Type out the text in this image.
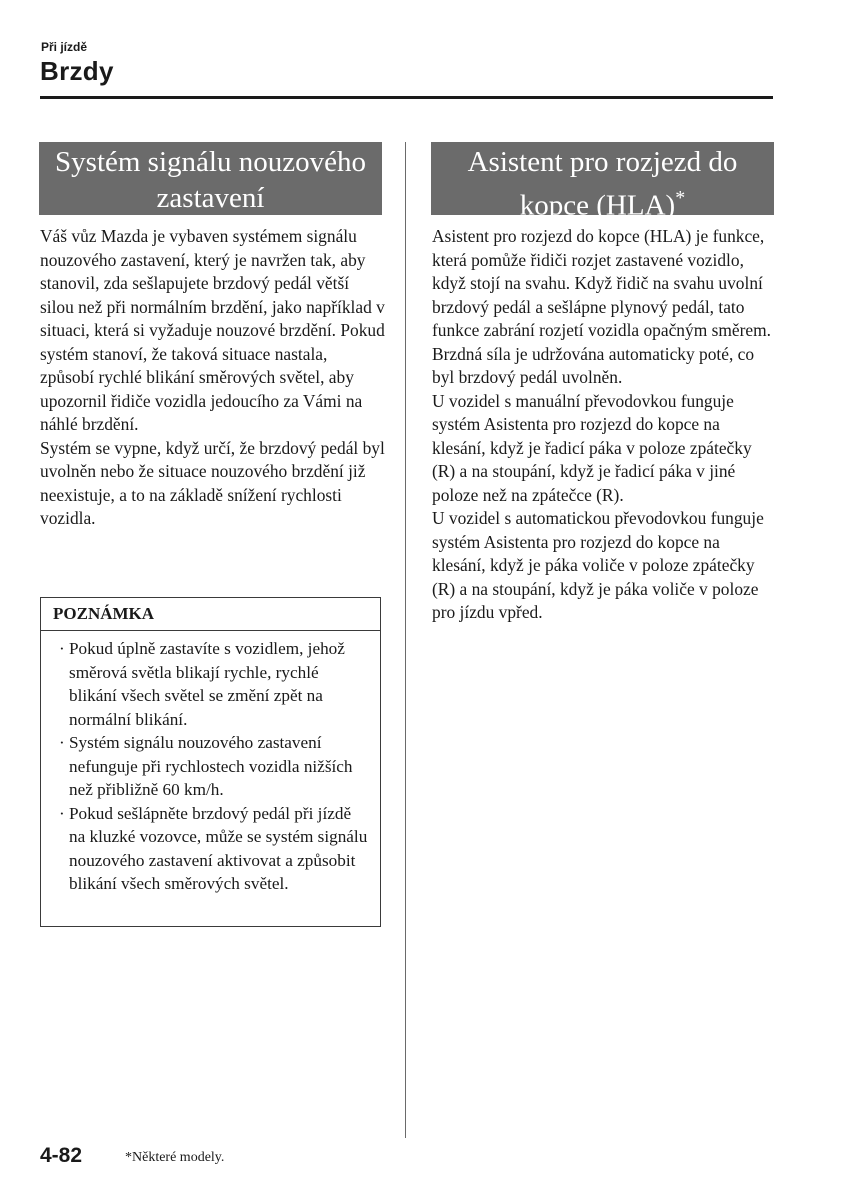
Při jízdě
Brzdy
Systém signálu nouzového
zastavení

Váš vůz Mazda je vybaven systémem signálu nouzového zastavení, který je navržen tak, aby stanovil, zda sešlapujete brzdový pedál větší silou než při normálním brzdění, jako například v situaci, která si vyžaduje nouzové brzdění. Pokud systém stanoví, že taková situace nastala, způsobí rychlé blikání směrových světel, aby upozornil řidiče vozidla jedoucího za Vámi na náhlé brzdění.

Systém se vypne, když určí, že brzdový pedál byl uvolněn nebo že situace nouzového brzdění již neexistuje, a to na základě snížení rychlosti vozidla.

POZNÁMKA
· Pokud úplně zastavíte s vozidlem, jehož směrová světla blikají rychle, rychlé blikání všech světel se změní zpět na normální blikání.
· Systém signálu nouzového zastavení nefunguje při rychlostech vozidla nižších než přibližně 60 km/h.
· Pokud sešlápněte brzdový pedál při jízdě na kluzké vozovce, může se systém signálu nouzového zastavení aktivovat a způsobit blikání všech směrových světel.
Asistent pro rozjezd do
kopce (HLA)*

Asistent pro rozjezd do kopce (HLA) je funkce, která pomůže řidiči rozjet zastavené vozidlo, když stojí na svahu. Když řidič na svahu uvolní brzdový pedál a sešlápne plynový pedál, tato funkce zabrání rozjetí vozidla opačným směrem. Brzdná síla je udržována automaticky poté, co byl brzdový pedál uvolněn.

U vozidel s manuální převodovkou funguje systém Asistenta pro rozjezd do kopce na klesání, když je řadicí páka v poloze zpátečky (R) a na stoupání, když je řadicí páka v jiné poloze než na zpátečce (R).

U vozidel s automatickou převodovkou funguje systém Asistenta pro rozjezd do kopce na klesání, když je páka voliče v poloze zpátečky (R) a na stoupání, když je páka voliče v poloze pro jízdu vpřed.

4-82	*Některé modely.
